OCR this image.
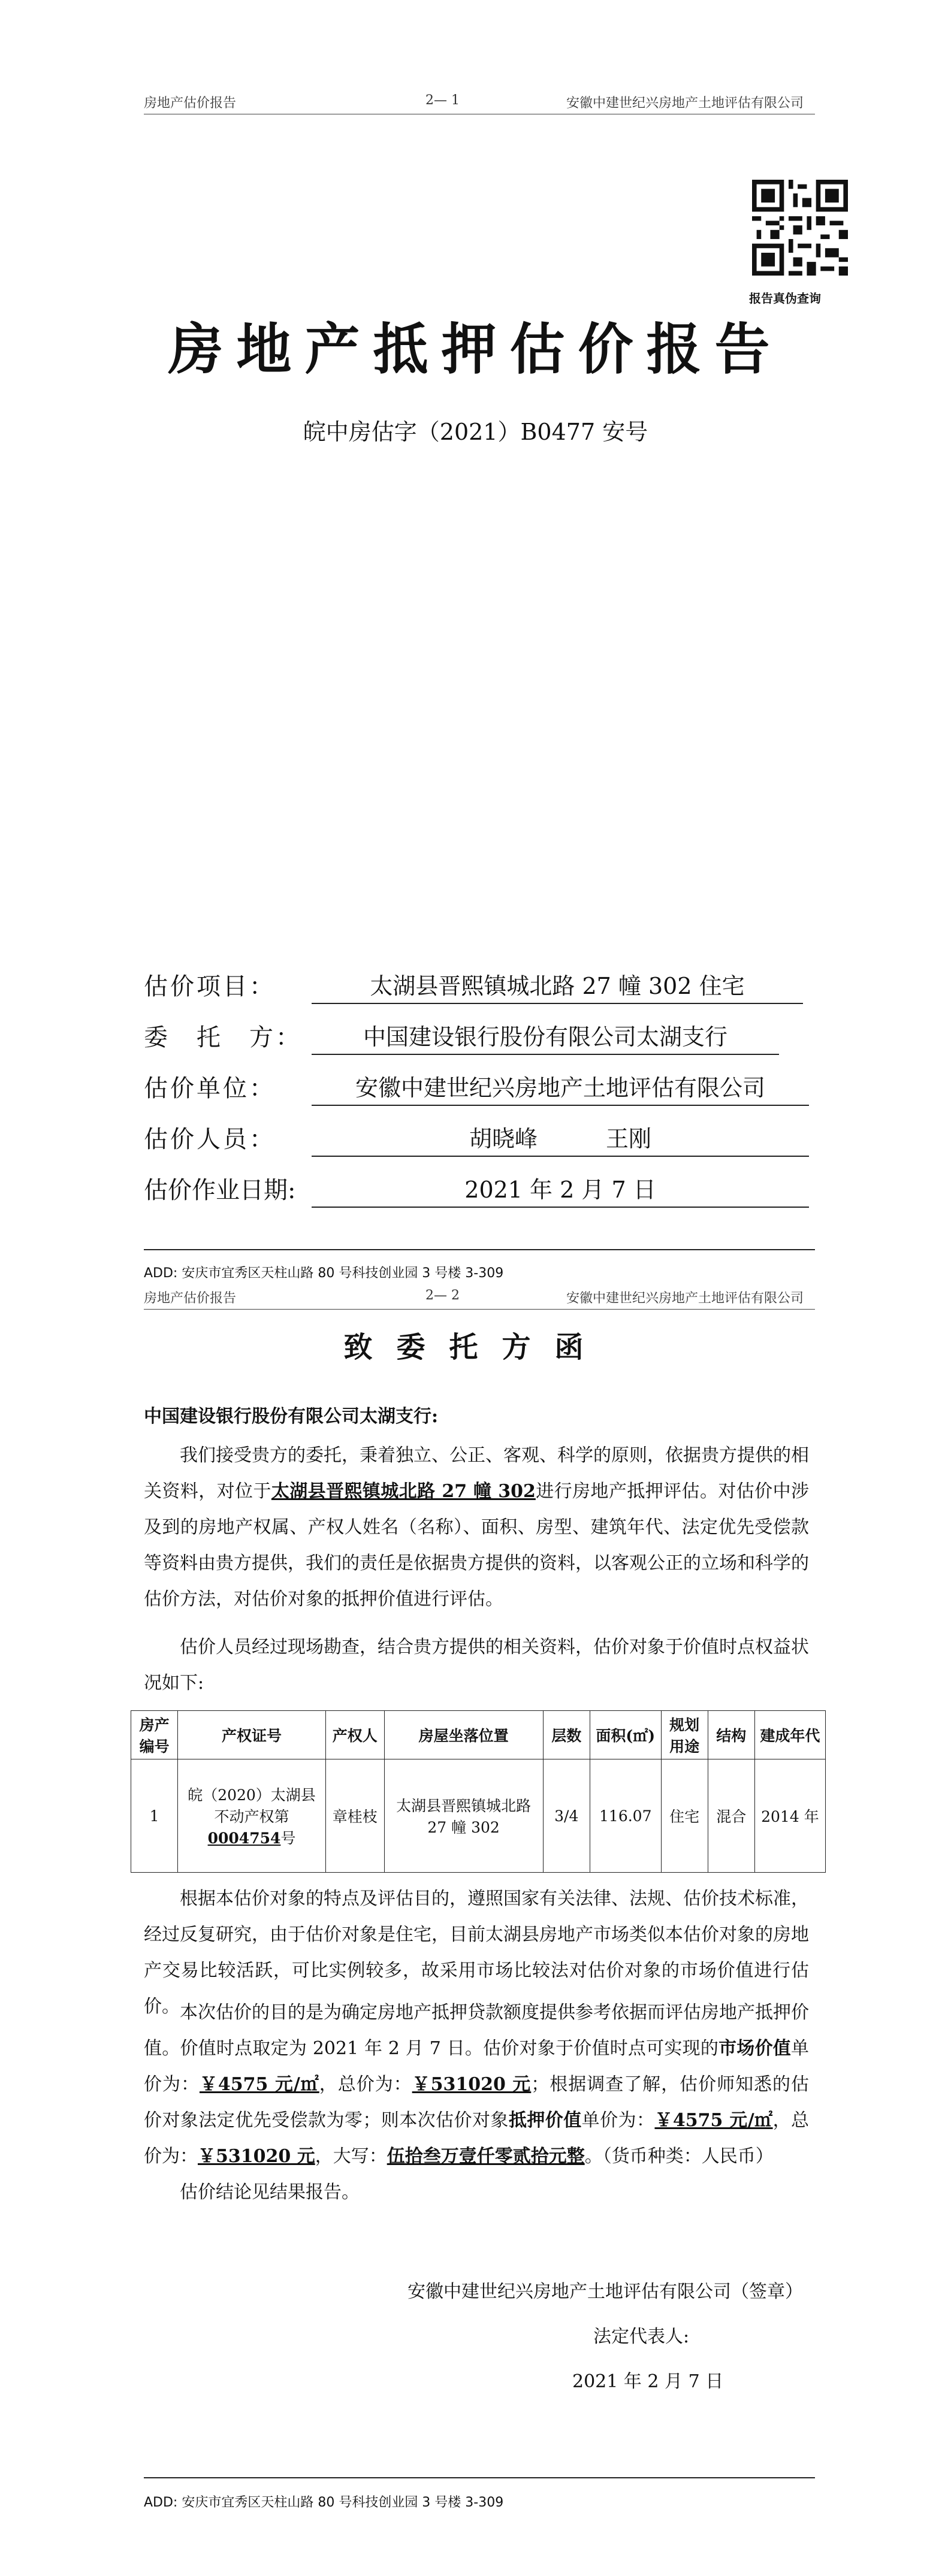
房地产估价报告	2— 1	安徽中建世纪兴房地产土地评估有限公司
报告真伪查询
房地产抵押估价报告
皖中房估字（2021）B0477 安号
估价项目：	太湖县晋熙镇城北路 27 幢 302 住宅
委　托　方：	中国建设银行股份有限公司太湖支行
估价单位：	安徽中建世纪兴房地产土地评估有限公司
估价人员：	胡晓峰　　　王刚
估价作业日期:	2021 年 2 月 7 日
ADD: 安庆市宜秀区天柱山路 80 号科技创业园 3 号楼 3-309
房地产估价报告	2— 2	安徽中建世纪兴房地产土地评估有限公司
致委托方函
中国建设银行股份有限公司太湖支行:
我们接受贵方的委托，秉着独立、公正、客观、科学的原则，依据贵方提供的相关资料，对位于太湖县晋熙镇城北路 27 幢 302进行房地产抵押评估。对估价中涉及到的房地产权属、产权人姓名（名称）、面积、房型、建筑年代、法定优先受偿款等资料由贵方提供，我们的责任是依据贵方提供的资料，以客观公正的立场和科学的估价方法，对估价对象的抵押价值进行评估。
估价人员经过现场勘查，结合贵方提供的相关资料，估价对象于价值时点权益状况如下:
房产编号	产权证号	产权人	房屋坐落位置	层数	面积(㎡)	规划用途	结构	建成年代
1	皖（2020）太湖县不动产权第0004754号	章桂枝	太湖县晋熙镇城北路 27 幢 302	3/4	116.07	住宅	混合	2014 年
根据本估价对象的特点及评估目的，遵照国家有关法律、法规、估价技术标准，经过反复研究，由于估价对象是住宅，目前太湖县房地产市场类似本估价对象的房地产交易比较活跃，可比实例较多，故采用市场比较法对估价对象的市场价值进行估价。 本次估价的目的是为确定房地产抵押贷款额度提供参考依据而评估房地产抵押价值。价值时点取定为 2021 年 2 月 7 日。估价对象于价值时点可实现的市场价值单价为：￥4575 元/㎡，总价为：￥531020 元；根据调查了解，估价师知悉的估价对象法定优先受偿款为零；则本次估价对象抵押价值单价为：￥4575 元/㎡，总价为：￥531020 元，大写：伍拾叁万壹仟零贰拾元整。（货币种类：人民币）
估价结论见结果报告。
安徽中建世纪兴房地产土地评估有限公司（签章）
法定代表人:
2021 年 2 月 7 日
ADD: 安庆市宜秀区天柱山路 80 号科技创业园 3 号楼 3-309
